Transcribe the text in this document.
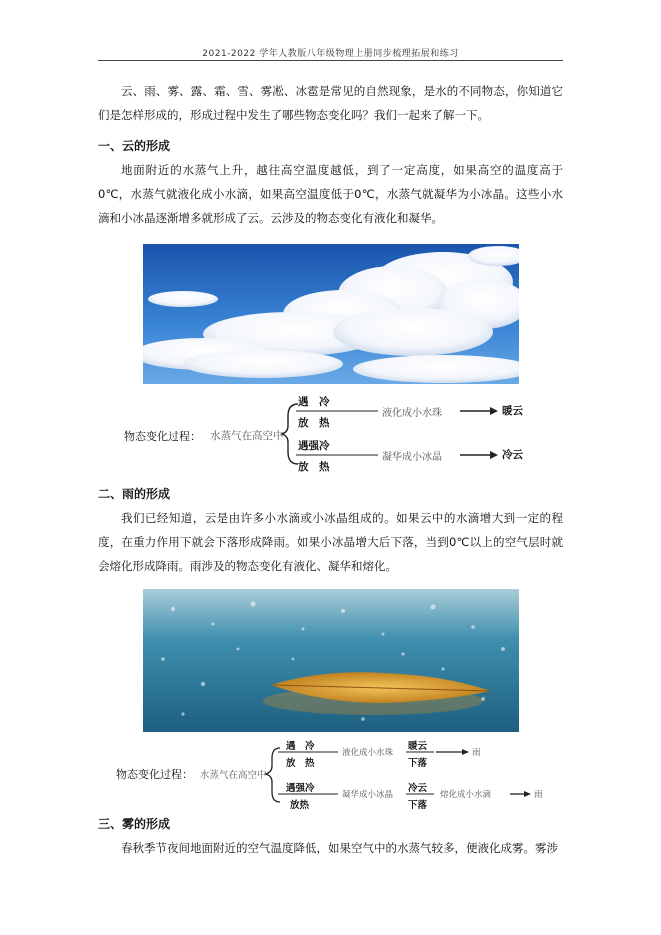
2021-2022 学年人教版八年级物理上册同步梳理拓展和练习
云、雨、雾、露、霜、雪、雾凇、冰雹是常见的自然现象，是水的不同物态，你知道它们是怎样形成的，形成过程中发生了哪些物态变化吗？我们一起来了解一下。
一、云的形成
地面附近的水蒸气上升，越往高空温度越低，到了一定高度，如果高空的温度高于0℃，水蒸气就液化成小水滴，如果高空温度低于0℃，水蒸气就凝华为小冰晶。这些小水滴和小冰晶逐渐增多就形成了云。云涉及的物态变化有液化和凝华。
物态变化过程： 水蒸气在高空中
遇　冷
放　热
液化成小水珠	暖云
遇强冷
放　热
凝华成小冰晶	冷云
二、雨的形成
我们已经知道，云是由许多小水滴或小冰晶组成的。如果云中的水滴增大到一定的程度，在重力作用下就会下落形成降雨。如果小冰晶增大后下落，当到0℃以上的空气层时就会熔化形成降雨。雨涉及的物态变化有液化、凝华和熔化。
物态变化过程： 水蒸气在高空中
遇　冷
放　热
液化成小水珠
暖云
下落
雨
遇强冷
放热
凝华成小冰晶
冷云
下落
熔化成小水滴	雨
三、雾的形成
春秋季节夜间地面附近的空气温度降低，如果空气中的水蒸气较多，便液化成雾。雾涉
